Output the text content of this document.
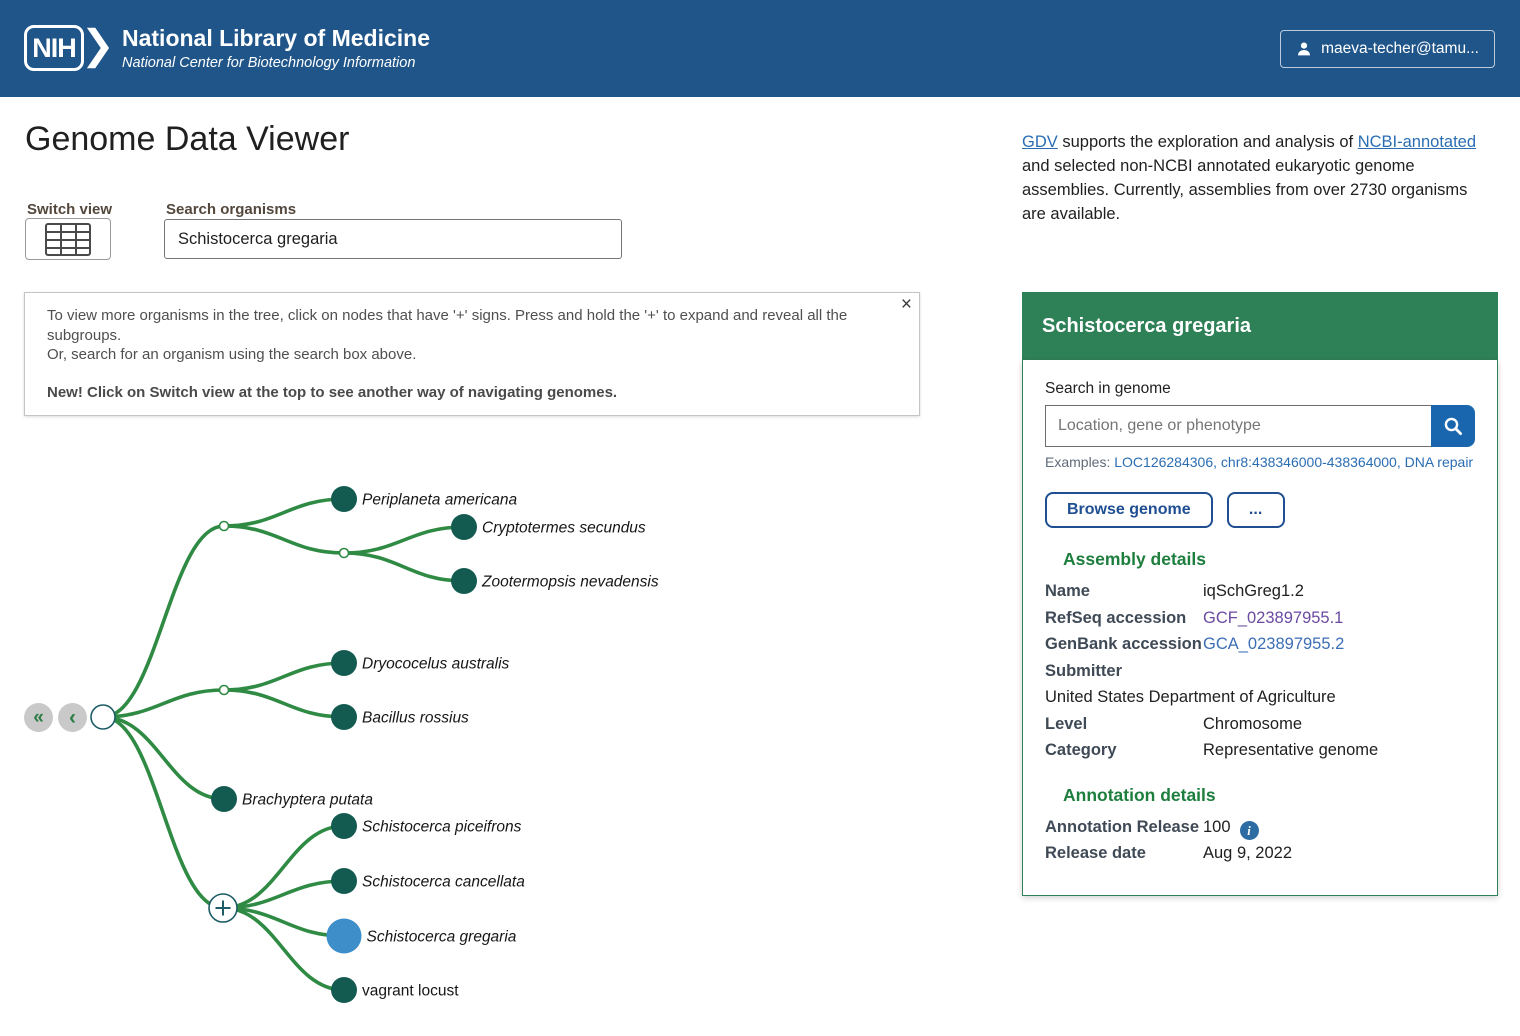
NIH National Library of Medicine
National Center for Biotechnology Information
maeva-techer@tamu...
Genome Data Viewer
Switch view	Search organisms
Schistocerca gregaria
×
To view more organisms in the tree, click on nodes that have '+' signs. Press and hold the '+' to expand and reveal all the subgroups.
Or, search for an organism using the search box above.
New! Click on Switch view at the top to see another way of navigating genomes.

GDV supports the exploration and analysis of NCBI-annotated and selected non-NCBI annotated eukaryotic genome assemblies. Currently, assemblies from over 2730 organisms are available.

Periplaneta americana
Cryptotermes secundus
Zootermopsis nevadensis
Dryococelus australis
Bacillus rossius
Brachyptera putata
Schistocerca piceifrons
Schistocerca cancellata
Schistocerca gregaria
vagrant locust
« ‹
Schistocerca gregaria
Search in genome
Location, gene or phenotype
Examples: LOC126284306, chr8:438346000-438364000, DNA repair
Browse genome	...
Assembly details
Name	iqSchGreg1.2
RefSeq accession	GCF_023897955.1
GenBank accession GCA_023897955.2
Submitter
United States Department of Agriculture
Level	Chromosome
Category	Representative genome
Annotation details
Annotation Release 100 i
Release date	Aug 9, 2022
